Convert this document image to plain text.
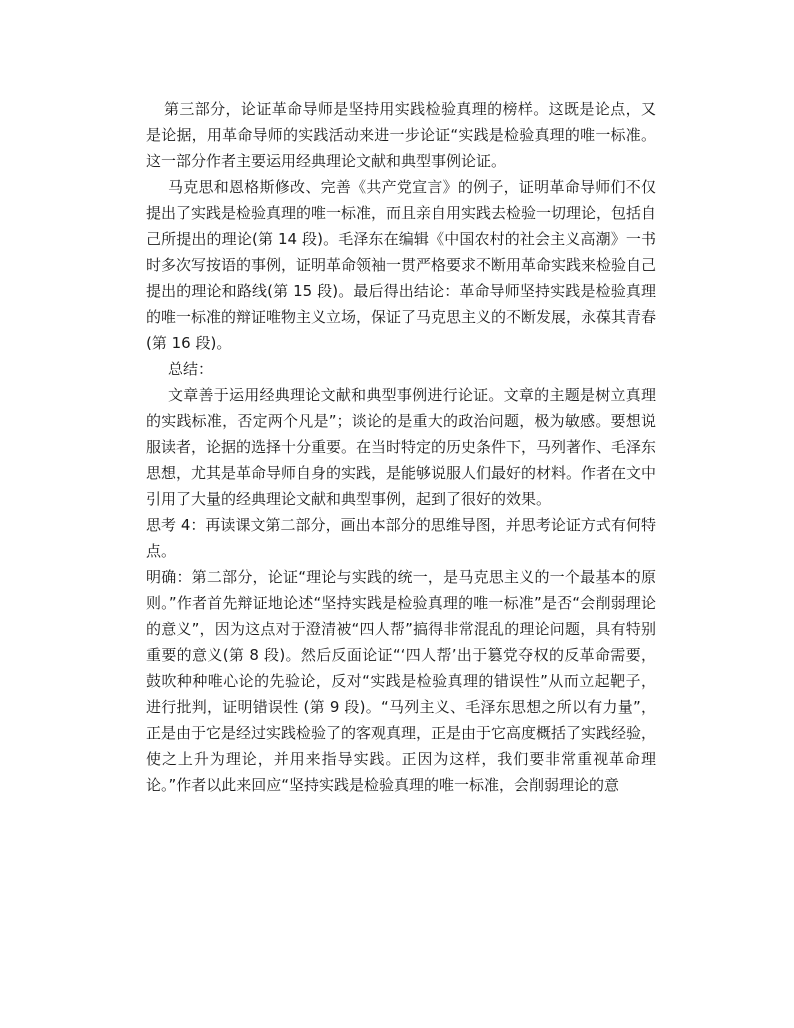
第三部分，论证革命导师是坚持用实践检验真理的榜样。这既是论点，又是论据，用革命导师的实践活动来进一步论证“实践是检验真理的唯一标准。这一部分作者主要运用经典理论文献和典型事例论证。

马克思和恩格斯修改、完善《共产党宣言》的例子，证明革命导师们不仅提出了实践是检验真理的唯一标准，而且亲自用实践去检验一切理论，包括自己所提出的理论(第 14 段)。毛泽东在编辑《中国农村的社会主义高潮》一书时多次写按语的事例，证明革命领袖一贯严格要求不断用革命实践来检验自己提出的理论和路线(第 15 段)。最后得出结论：革命导师坚持实践是检验真理的唯一标准的辩证唯物主义立场，保证了马克思主义的不断发展，永葆其青春(第 16 段)。

总结：

文章善于运用经典理论文献和典型事例进行论证。文章的主题是树立真理的实践标准，否定两个凡是”；谈论的是重大的政治问题，极为敏感。要想说服读者，论据的选择十分重要。在当时特定的历史条件下，马列著作、毛泽东思想，尤其是革命导师自身的实践，是能够说服人们最好的材料。作者在文中引用了大量的经典理论文献和典型事例，起到了很好的效果。

思考 4：再读课文第二部分，画出本部分的思维导图，并思考论证方式有何特点。

明确：第二部分，论证“理论与实践的统一，是马克思主义的一个最基本的原则。”作者首先辩证地论述“坚持实践是检验真理的唯一标准”是否“会削弱理论的意义”，因为这点对于澄清被“四人帮”搞得非常混乱的理论问题，具有特别重要的意义(第 8 段)。然后反面论证“‘四人帮’出于篡党夺权的反革命需要，鼓吹种种唯心论的先验论，反对“实践是检验真理的错误性”从而立起靶子，进行批判，证明错误性 (第 9 段)。“马列主义、毛泽东思想之所以有力量”，正是由于它是经过实践检验了的客观真理，正是由于它高度概括了实践经验，使之上升为理论，并用来指导实践。正因为这样，我们要非常重视革命理论。”作者以此来回应“坚持实践是检验真理的唯一标准，会削弱理论的意
